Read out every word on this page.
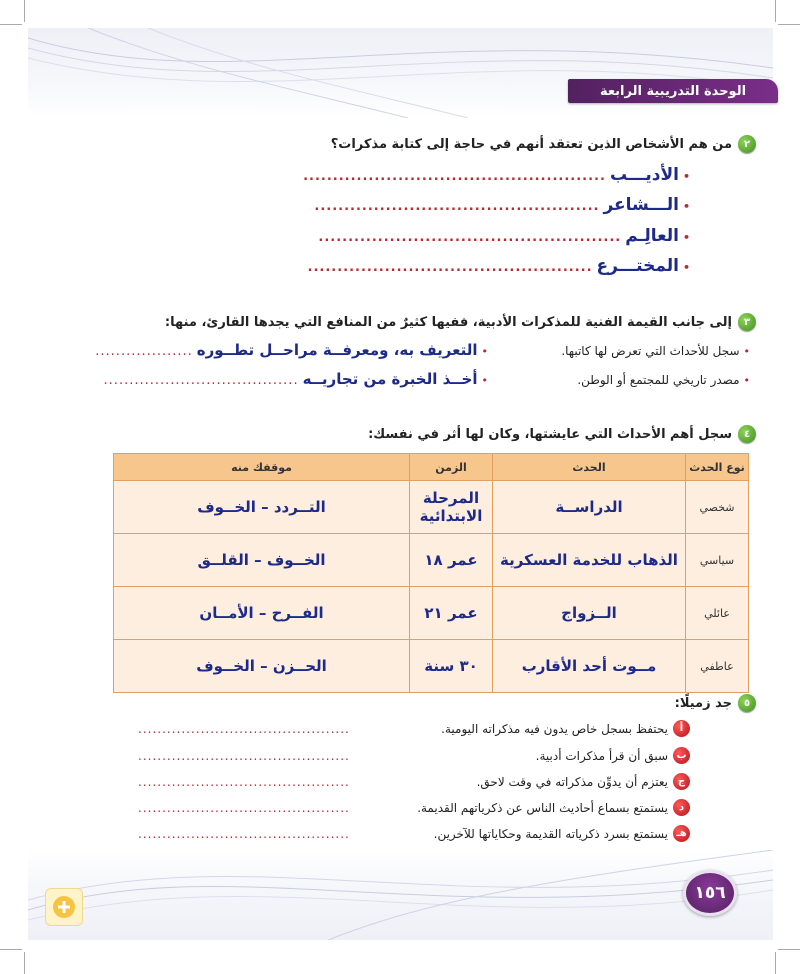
الوحدة التدريبية الرابعة
٢
من هم الأشخاص الذين تعتقد أنهم في حاجة إلى كتابة مذكرات؟
•
الأديـــب
...................................................
•
الـــشاعر
................................................
•
العالِـم
...................................................
•
المختـــرع
................................................
٣
إلى جانب القيمة الفنية للمذكرات الأدبية، ففيها كثيرٌ من المنافع التي يجدها القارئ، منها:
•
سجل للأحداث التي تعرض لها كاتبها.
•
التعريف به، ومعرفــة مراحــل تطــوره
...................
•
مصدر تاريخي للمجتمع أو الوطن.
•
أخــذ الخبرة من تجاريــه
......................................
٤
سجل أهم الأحداث التي عايشتها، وكان لها أثر في نفسك:
نوع الحدث	الحدث	الزمن	موقفك منه
شخصي	الدراســة	المرحلة الابتدائية	التــردد – الخــوف
سياسي	الذهاب للخدمة العسكرية	عمر ١٨	الخــوف – القلــق
عائلي	الــزواج	عمر ٢١	الفــرح – الأمــان
عاطفي	مــوت أحد الأقارب	٣٠ سنة	الحــزن – الخــوف
٥
جد زميلًا:
أ
يحتفظ بسجل خاص يدون فيه مذكراته اليومية.
............................................
ب
سبق أن قرأ مذكرات أدبية.
............................................
ج
يعتزم أن يدوِّن مذكراته في وقت لاحق.
............................................
د
يستمتع بسماع أحاديث الناس عن ذكرياتهم القديمة.
............................................
هـ
يستمتع بسرد ذكرياته القديمة وحكاياتها للآخرين.
............................................
١٥٦
